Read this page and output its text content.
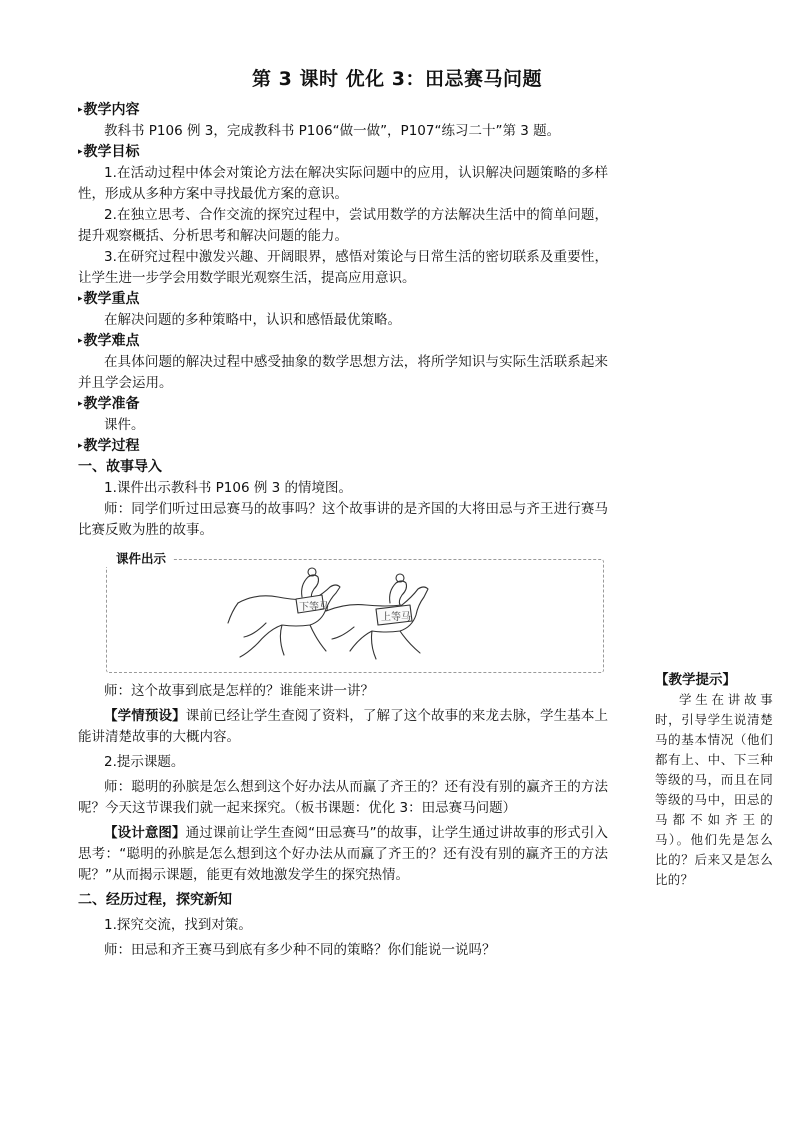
第 3 课时 优化 3：田忌赛马问题

▸教学内容

教科书 P106 例 3，完成教科书 P106“做一做”，P107“练习二十”第 3 题。

▸教学目标

1.在活动过程中体会对策论方法在解决实际问题中的应用，认识解决问题策略的多样性，形成从多种方案中寻找最优方案的意识。

2.在独立思考、合作交流的探究过程中，尝试用数学的方法解决生活中的简单问题，提升观察概括、分析思考和解决问题的能力。

3.在研究过程中激发兴趣、开阔眼界，感悟对策论与日常生活的密切联系及重要性，让学生进一步学会用数学眼光观察生活，提高应用意识。

▸教学重点

在解决问题的多种策略中，认识和感悟最优策略。

▸教学难点

在具体问题的解决过程中感受抽象的数学思想方法，将所学知识与实际生活联系起来并且学会运用。

▸教学准备

课件。

▸教学过程

一、故事导入

1.课件出示教科书 P106 例 3 的情境图。

师：同学们听过田忌赛马的故事吗？这个故事讲的是齐国的大将田忌与齐王进行赛马比赛反败为胜的故事。

课件出示
下等马
上等马

师：这个故事到底是怎样的？谁能来讲一讲？

【学情预设】课前已经让学生查阅了资料，了解了这个故事的来龙去脉，学生基本上能讲清楚故事的大概内容。

2.提示课题。

师：聪明的孙膑是怎么想到这个好办法从而赢了齐王的？还有没有别的赢齐王的方法呢？今天这节课我们就一起来探究。（板书课题：优化 3：田忌赛马问题）

【设计意图】通过课前让学生查阅“田忌赛马”的故事，让学生通过讲故事的形式引入思考：“聪明的孙膑是怎么想到这个好办法从而赢了齐王的？还有没有别的赢齐王的方法呢？”从而揭示课题，能更有效地激发学生的探究热情。

二、经历过程，探究新知

1.探究交流，找到对策。

师：田忌和齐王赛马到底有多少种不同的策略？你们能说一说吗？

【教学提示】

学生在讲故事时，引导学生说清楚马的基本情况（他们都有上、中、下三种等级的马，而且在同等级的马中，田忌的马都不如齐王的马）。他们先是怎么比的？后来又是怎么比的？
